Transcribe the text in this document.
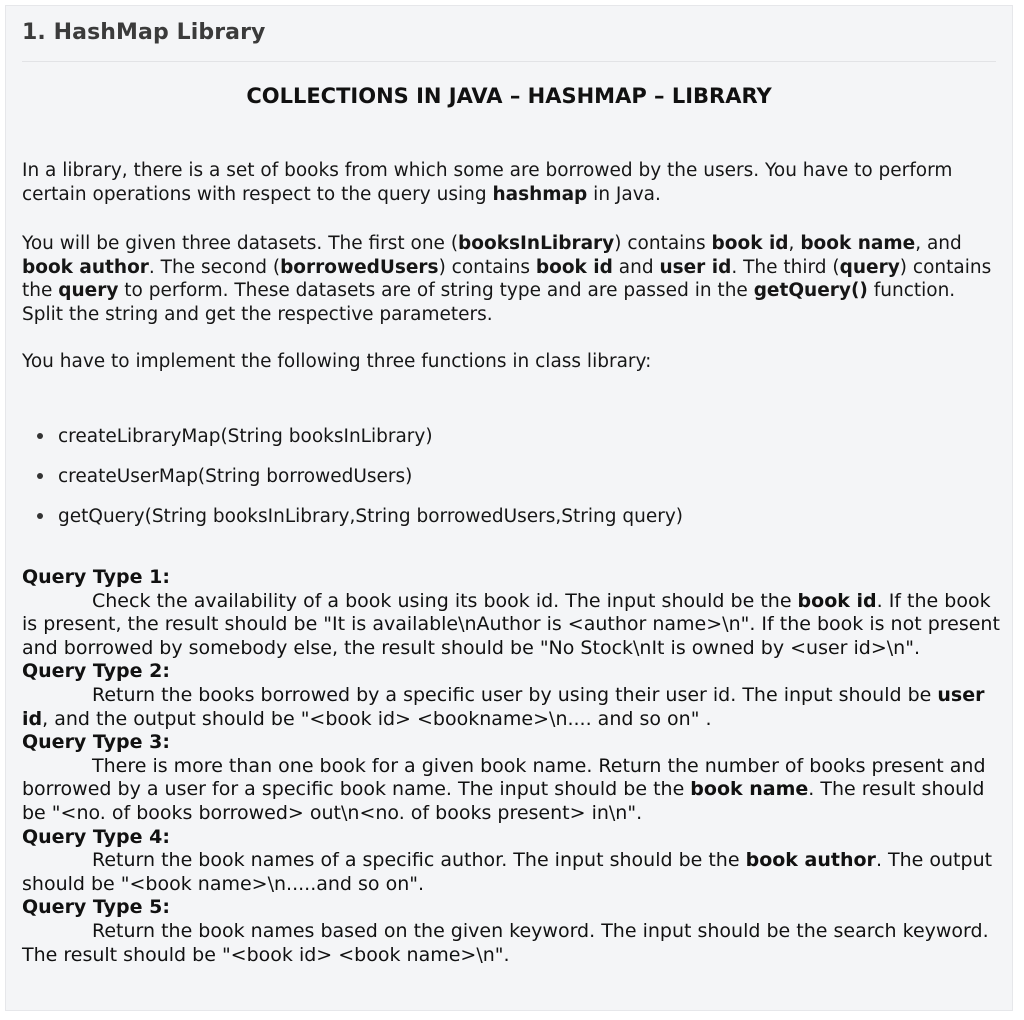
1. HashMap Library
COLLECTIONS IN JAVA – HASHMAP – LIBRARY
In a library, there is a set of books from which some are borrowed by the users. You have to perform certain operations with respect to the query using hashmap in Java.
You will be given three datasets. The first one (booksInLibrary) contains book id, book name, and book author. The second (borrowedUsers) contains book id and user id. The third (query) contains the query to perform. These datasets are of string type and are passed in the getQuery() function. Split the string and get the respective parameters.
You have to implement the following three functions in class library:
createLibraryMap(String booksInLibrary)
createUserMap(String borrowedUsers)
getQuery(String booksInLibrary,String borrowedUsers,String query)
Query Type 1:
Check the availability of a book using its book id. The input should be the book id. If the book is present, the result should be "It is available\nAuthor is <author name>\n". If the book is not present and borrowed by somebody else, the result should be "No Stock\nIt is owned by <user id>\n".
Query Type 2:
Return the books borrowed by a specific user by using their user id. The input should be user id, and the output should be "<book id> <bookname>\n.... and so on" .
Query Type 3:
There is more than one book for a given book name. Return the number of books present and borrowed by a user for a specific book name. The input should be the book name. The result should be "<no. of books borrowed> out\n<no. of books present> in\n".
Query Type 4:
Return the book names of a specific author. The input should be the book author. The output should be "<book name>\n.....and so on".
Query Type 5:
Return the book names based on the given keyword. The input should be the search keyword. The result should be "<book id> <book name>\n".
